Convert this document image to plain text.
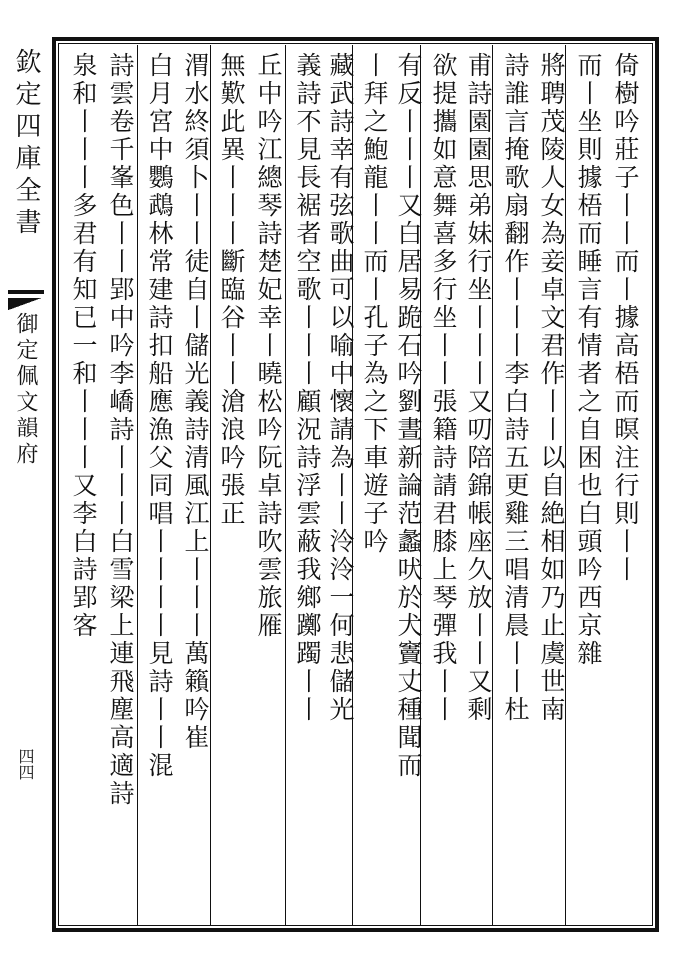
欽定四庫全書
御定佩文韻府
四四
倚樹吟莊子丨丨而丨據高梧而暝注行則丨丨
而丨坐則據梧而睡言有情者之自困也白頭吟西京雜
將聘茂陵人女為妾卓文君作丨丨以自絶相如乃止虞世南
詩誰言掩歌扇翻作丨丨丨李白詩五更雞三唱清晨丨丨杜
甫詩園園思弟妹行坐丨丨丨又叨陪錦帳座久放丨丨又剩
欲提攜如意舞喜多行坐丨丨張籍詩請君膝上琴彈我丨丨
有反丨丨丨又白居易跪石吟劉晝新論范蠡吠於犬竇丈種聞而
丨拜之鮑龍丨丨而丨孔子為之下車遊子吟
藏武詩幸有弦歌曲可以喻中懷請為丨丨泠泠一何悲儲光
義詩不見長裾者空歌丨丨丨顧況詩浮雲蔽我鄉躑躅丨丨
丘中吟江總琴詩楚妃幸丨曉松吟阮卓詩吹雲旅雁
無歎此異丨丨丨斷臨谷丨丨滄浪吟張正
渭水終須卜丨丨徒自丨儲光義詩清風江上丨丨丨萬籟吟崔
白月宮中鸚鵡林常建詩扣船應漁父同唱丨丨丨丨見詩丨丨混
詩雲卷千峯色丨丨郢中吟李嶠詩丨丨丨白雪梁上連飛塵高適詩
泉和丨丨丨多君有知已一和丨丨丨又李白詩郢客
